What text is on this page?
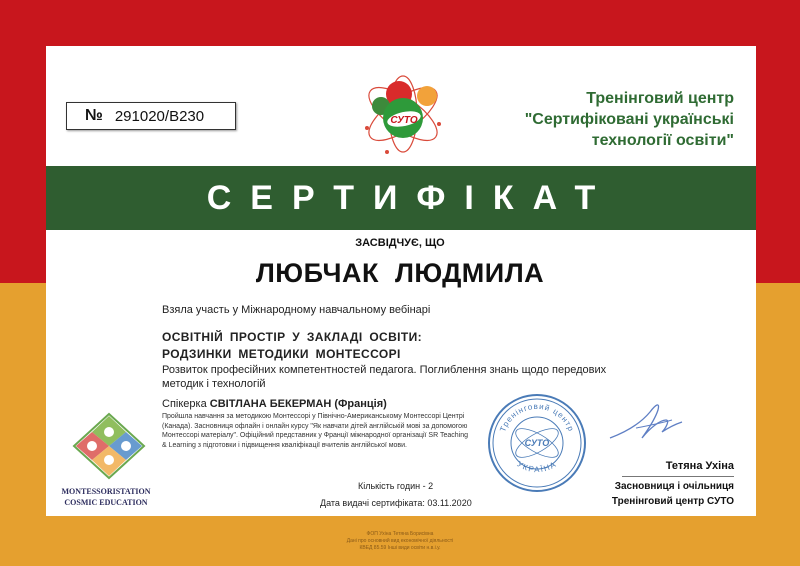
№ 291020/B230	СУТО
Тренінговий центр
"Сертифіковані українські
технології освіти"
СЕРТИФІКАТ
ЗАСВІДЧУЄ, ЩО
ЛЮБЧАК ЛЮДМИЛА
Взяла участь у Міжнародному навчальному вебінарі
ОСВІТНІЙ ПРОСТІР У ЗАКЛАДІ ОСВІТИ:
РОДЗИНКИ МЕТОДИКИ МОНТЕССОРІ
Розвиток професійних компетентностей педагога. Поглиблення знань щодо передових методик і технологій
Спікерка СВІТЛАНА БЕКЕРМАН (Франція)
Пройшла навчання за методикою Монтессорі у Північно-Американському Монтессорі Центрі (Канада). Засновниця офлайн і онлайн курсу "Як навчати дітей англійській мові за допомогою Монтессорі матеріалу". Офіційний представник у Франції міжнародної організації SR Teaching & Learning з підготовки і підвищення кваліфікації вчителів англійської мови.
Кількість годин - 2
Дата видачі сертифіката: 03.11.2020
MONTESSORISTATION
COSMIC EDUCATION
Тренінговий центр
УКРАЇНА
СУТО
Тетяна Ухіна
Засновниця і очільниця
Тренінговий центр СУТО
ФОП Ухіна Тетяна Борисівна
Дані про основний вид економічної діяльності
КВЕД 85.59 Інші види освіти н.в.і.у.
